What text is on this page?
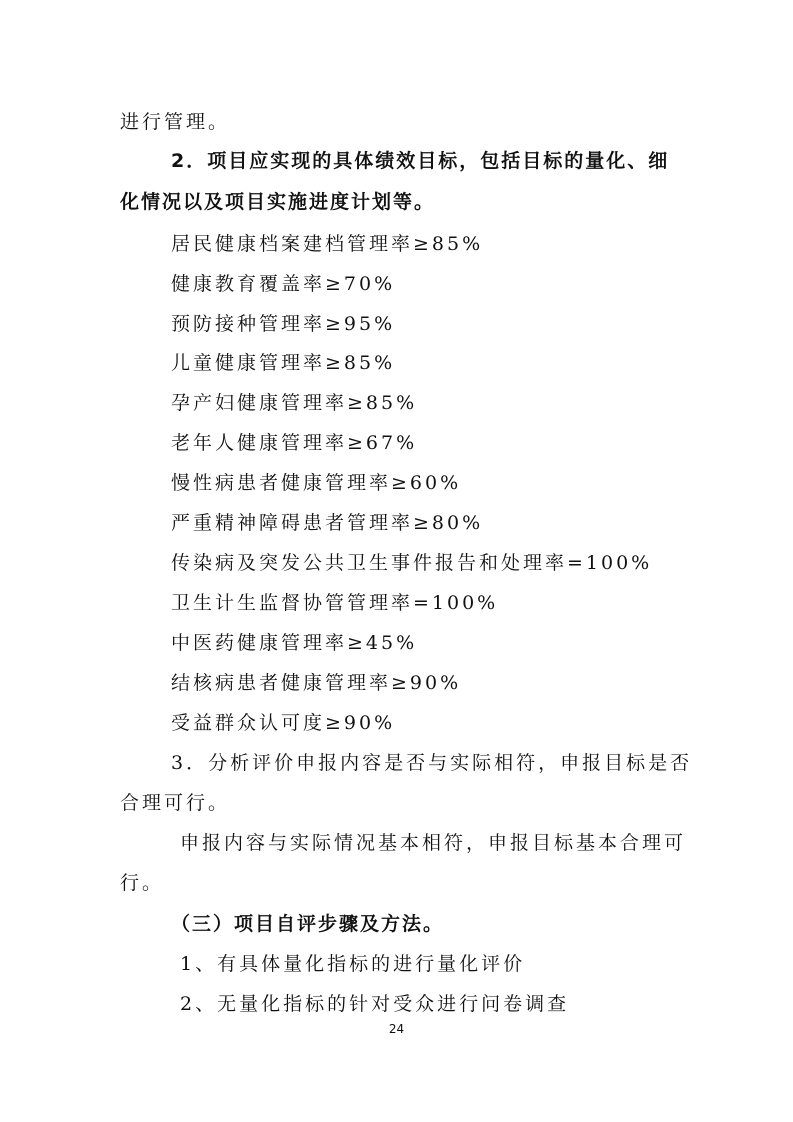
进行管理。
2．项目应实现的具体绩效目标，包括目标的量化、细
化情况以及项目实施进度计划等。
居民健康档案建档管理率≥85%
健康教育覆盖率≥70%
预防接种管理率≥95%
儿童健康管理率≥85%
孕产妇健康管理率≥85%
老年人健康管理率≥67%
慢性病患者健康管理率≥60%
严重精神障碍患者管理率≥80%
传染病及突发公共卫生事件报告和处理率=100%
卫生计生监督协管管理率=100%
中医药健康管理率≥45%
结核病患者健康管理率≥90%
受益群众认可度≥90%
3．分析评价申报内容是否与实际相符，申报目标是否
合理可行。
申报内容与实际情况基本相符，申报目标基本合理可
行。
（三）项目自评步骤及方法。
1、有具体量化指标的进行量化评价
2、无量化指标的针对受众进行问卷调查
24
